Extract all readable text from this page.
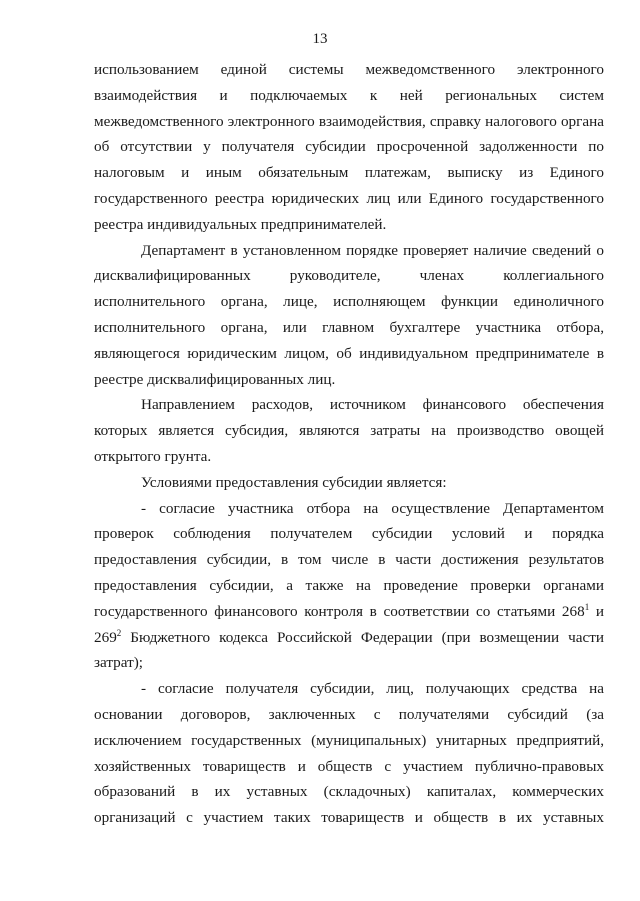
13

использованием единой системы межведомственного электронного
взаимодействия и подключаемых к ней региональных систем
межведомственного электронного взаимодействия, справку налогового органа
об отсутствии у получателя субсидии просроченной задолженности по
налоговым и иным обязательным платежам, выписку из Единого
государственного реестра юридических лиц или Единого государственного
реестра индивидуальных предпринимателей.

Департамент в установленном порядке проверяет наличие сведений о
дисквалифицированных руководителе, членах коллегиального
исполнительного органа, лице, исполняющем функции единоличного
исполнительного органа, или главном бухгалтере участника отбора,
являющегося юридическим лицом, об индивидуальном предпринимателе в
реестре дисквалифицированных лиц.

Направлением расходов, источником финансового обеспечения
которых является субсидия, являются затраты на производство овощей
открытого грунта.

Условиями предоставления субсидии является:

- согласие участника отбора на осуществление Департаментом
проверок соблюдения получателем субсидии условий и порядка
предоставления субсидии, в том числе в части достижения результатов
предоставления субсидии, а также на проведение проверки органами
государственного финансового контроля в соответствии со статьями $268^1$ и
$269^2$ Бюджетного кодекса Российской Федерации (при возмещении части
затрат);

- согласие получателя субсидии, лиц, получающих средства на
основании договоров, заключенных с получателями субсидий (за
исключением государственных (муниципальных) унитарных предприятий,
хозяйственных товариществ и обществ с участием публично-правовых
образований в их уставных (складочных) капиталах, коммерческих
организаций с участием таких товариществ и обществ в их уставных
